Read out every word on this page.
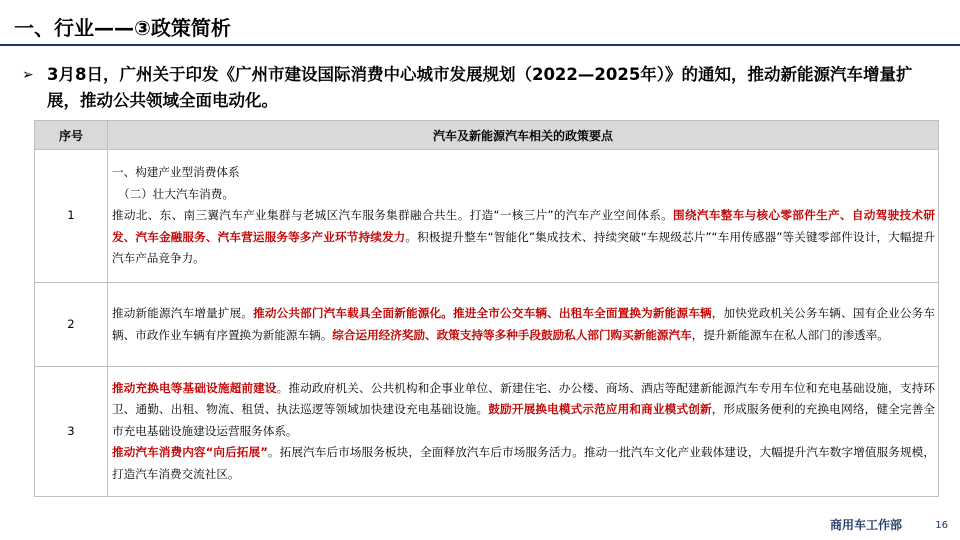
一、行业——③政策简析
➢ 3月8日，广州关于印发《广州市建设国际消费中心城市发展规划（2022—2025年）》的通知，推动新能源汽车增量扩展，推动公共领域全面电动化。
序号	汽车及新能源汽车相关的政策要点
1	一、构建产业型消费体系
（二）壮大汽车消费。
推动北、东、南三翼汽车产业集群与老城区汽车服务集群融合共生。打造“一核三片”的汽车产业空间体系。围绕汽车整车与核心零部件生产、自动驾驶技术研发、汽车金融服务、汽车营运服务等多产业环节持续发力。积极提升整车“智能化”集成技术、持续突破“车规级芯片”“车用传感器”等关键零部件设计，大幅提升汽车产品竞争力。

2	推动新能源汽车增量扩展。推动公共部门汽车载具全面新能源化。推进全市公交车辆、出租车全面置换为新能源车辆，加快党政机关公务车辆、国有企业公务车辆、市政作业车辆有序置换为新能源车辆。综合运用经济奖励、政策支持等多种手段鼓励私人部门购买新能源汽车，提升新能源车在私人部门的渗透率。
3	推动充换电等基础设施超前建设。推动政府机关、公共机构和企事业单位、新建住宅、办公楼、商场、酒店等配建新能源汽车专用车位和充电基础设施，支持环卫、通勤、出租、物流、租赁、执法巡逻等领域加快建设充电基础设施。鼓励开展换电模式示范应用和商业模式创新，形成服务便利的充换电网络，健全完善全市充电基础设施建设运营服务体系。
推动汽车消费内容“向后拓展”。拓展汽车后市场服务板块，全面释放汽车后市场服务活力。推动一批汽车文化产业载体建设，大幅提升汽车数字增值服务规模，打造汽车消费交流社区。
商用车工作部	16
